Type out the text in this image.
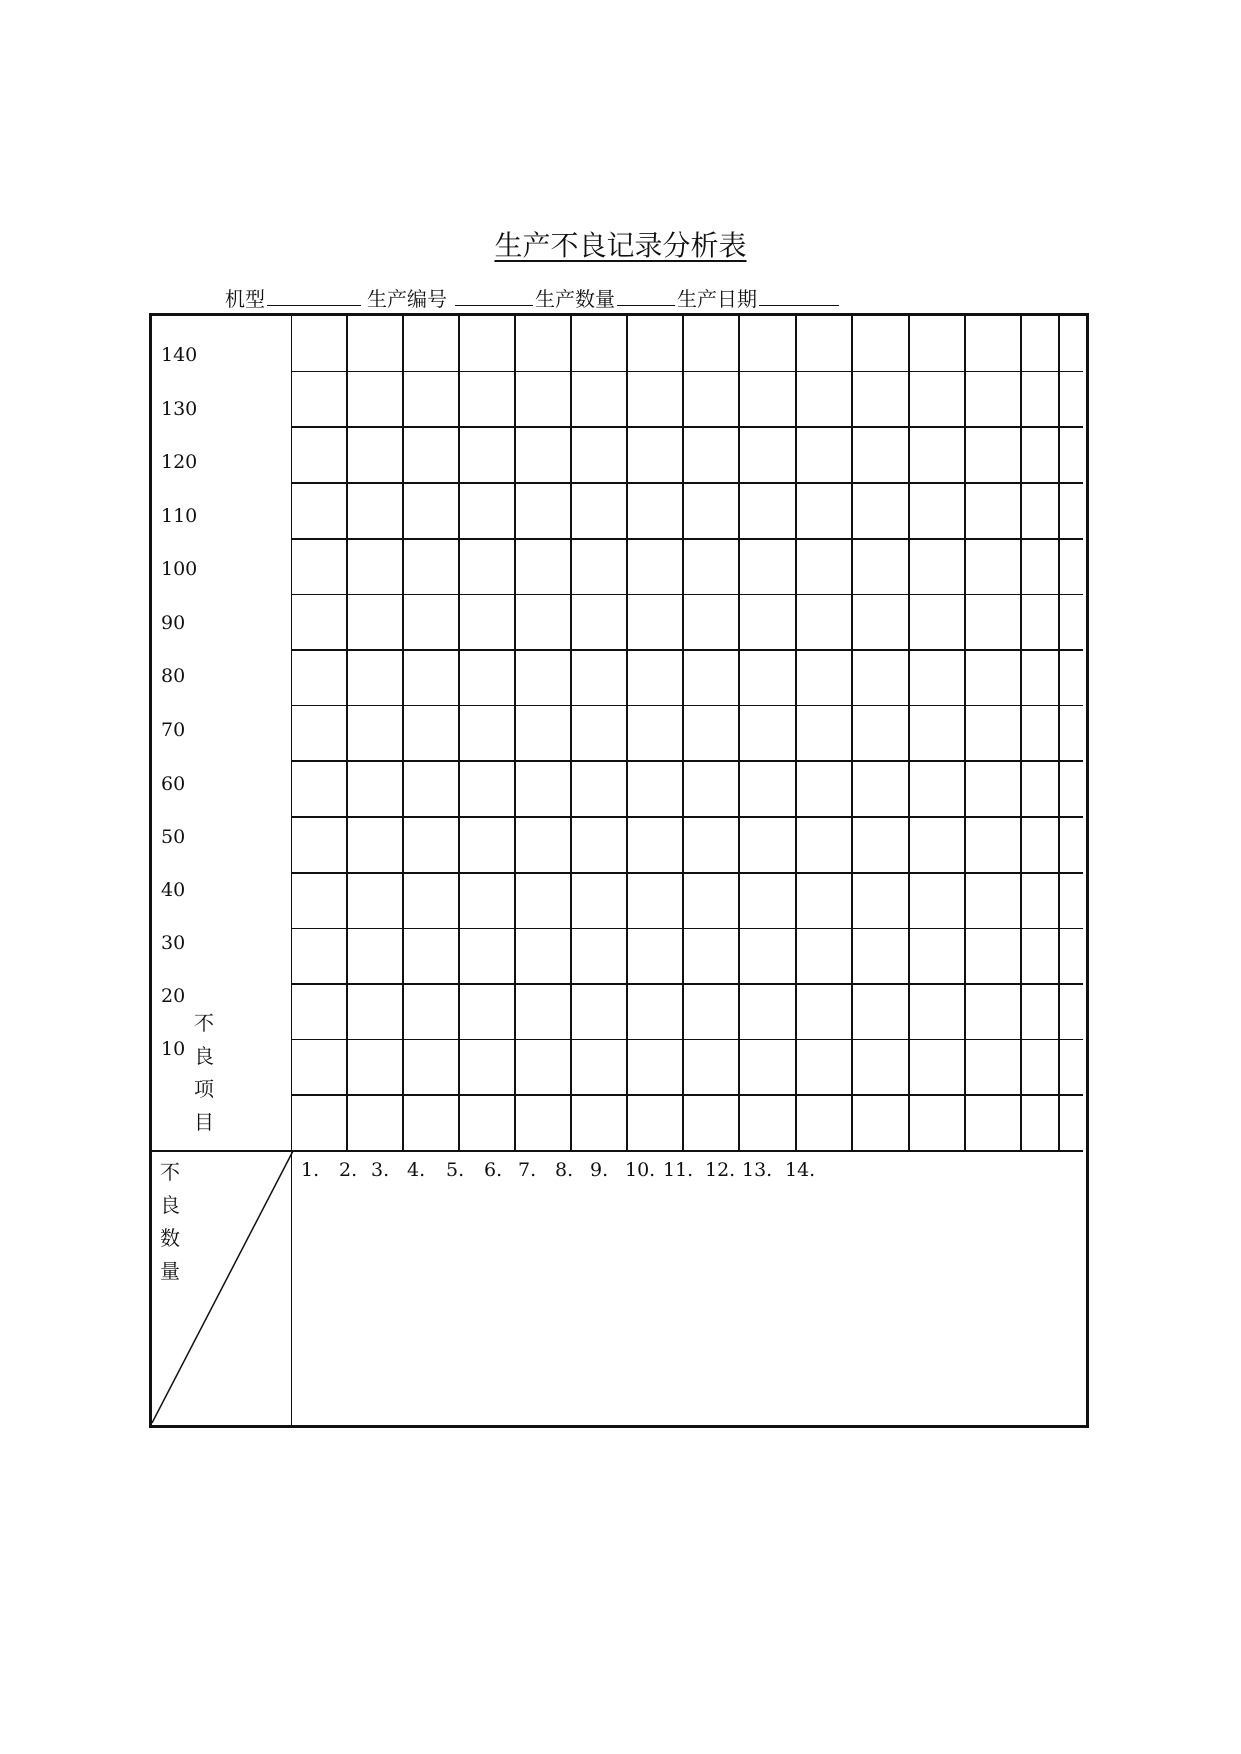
生产不良记录分析表
机型	生产编号	生产数量	生产日期
不
良
项
目
不
良
数
量
140
130
120
110
100
90
80
70
60
50
40
30
20
10
1. 2. 3. 4. 5. 6. 7. 8. 9. 10. 11. 12. 13. 14.
